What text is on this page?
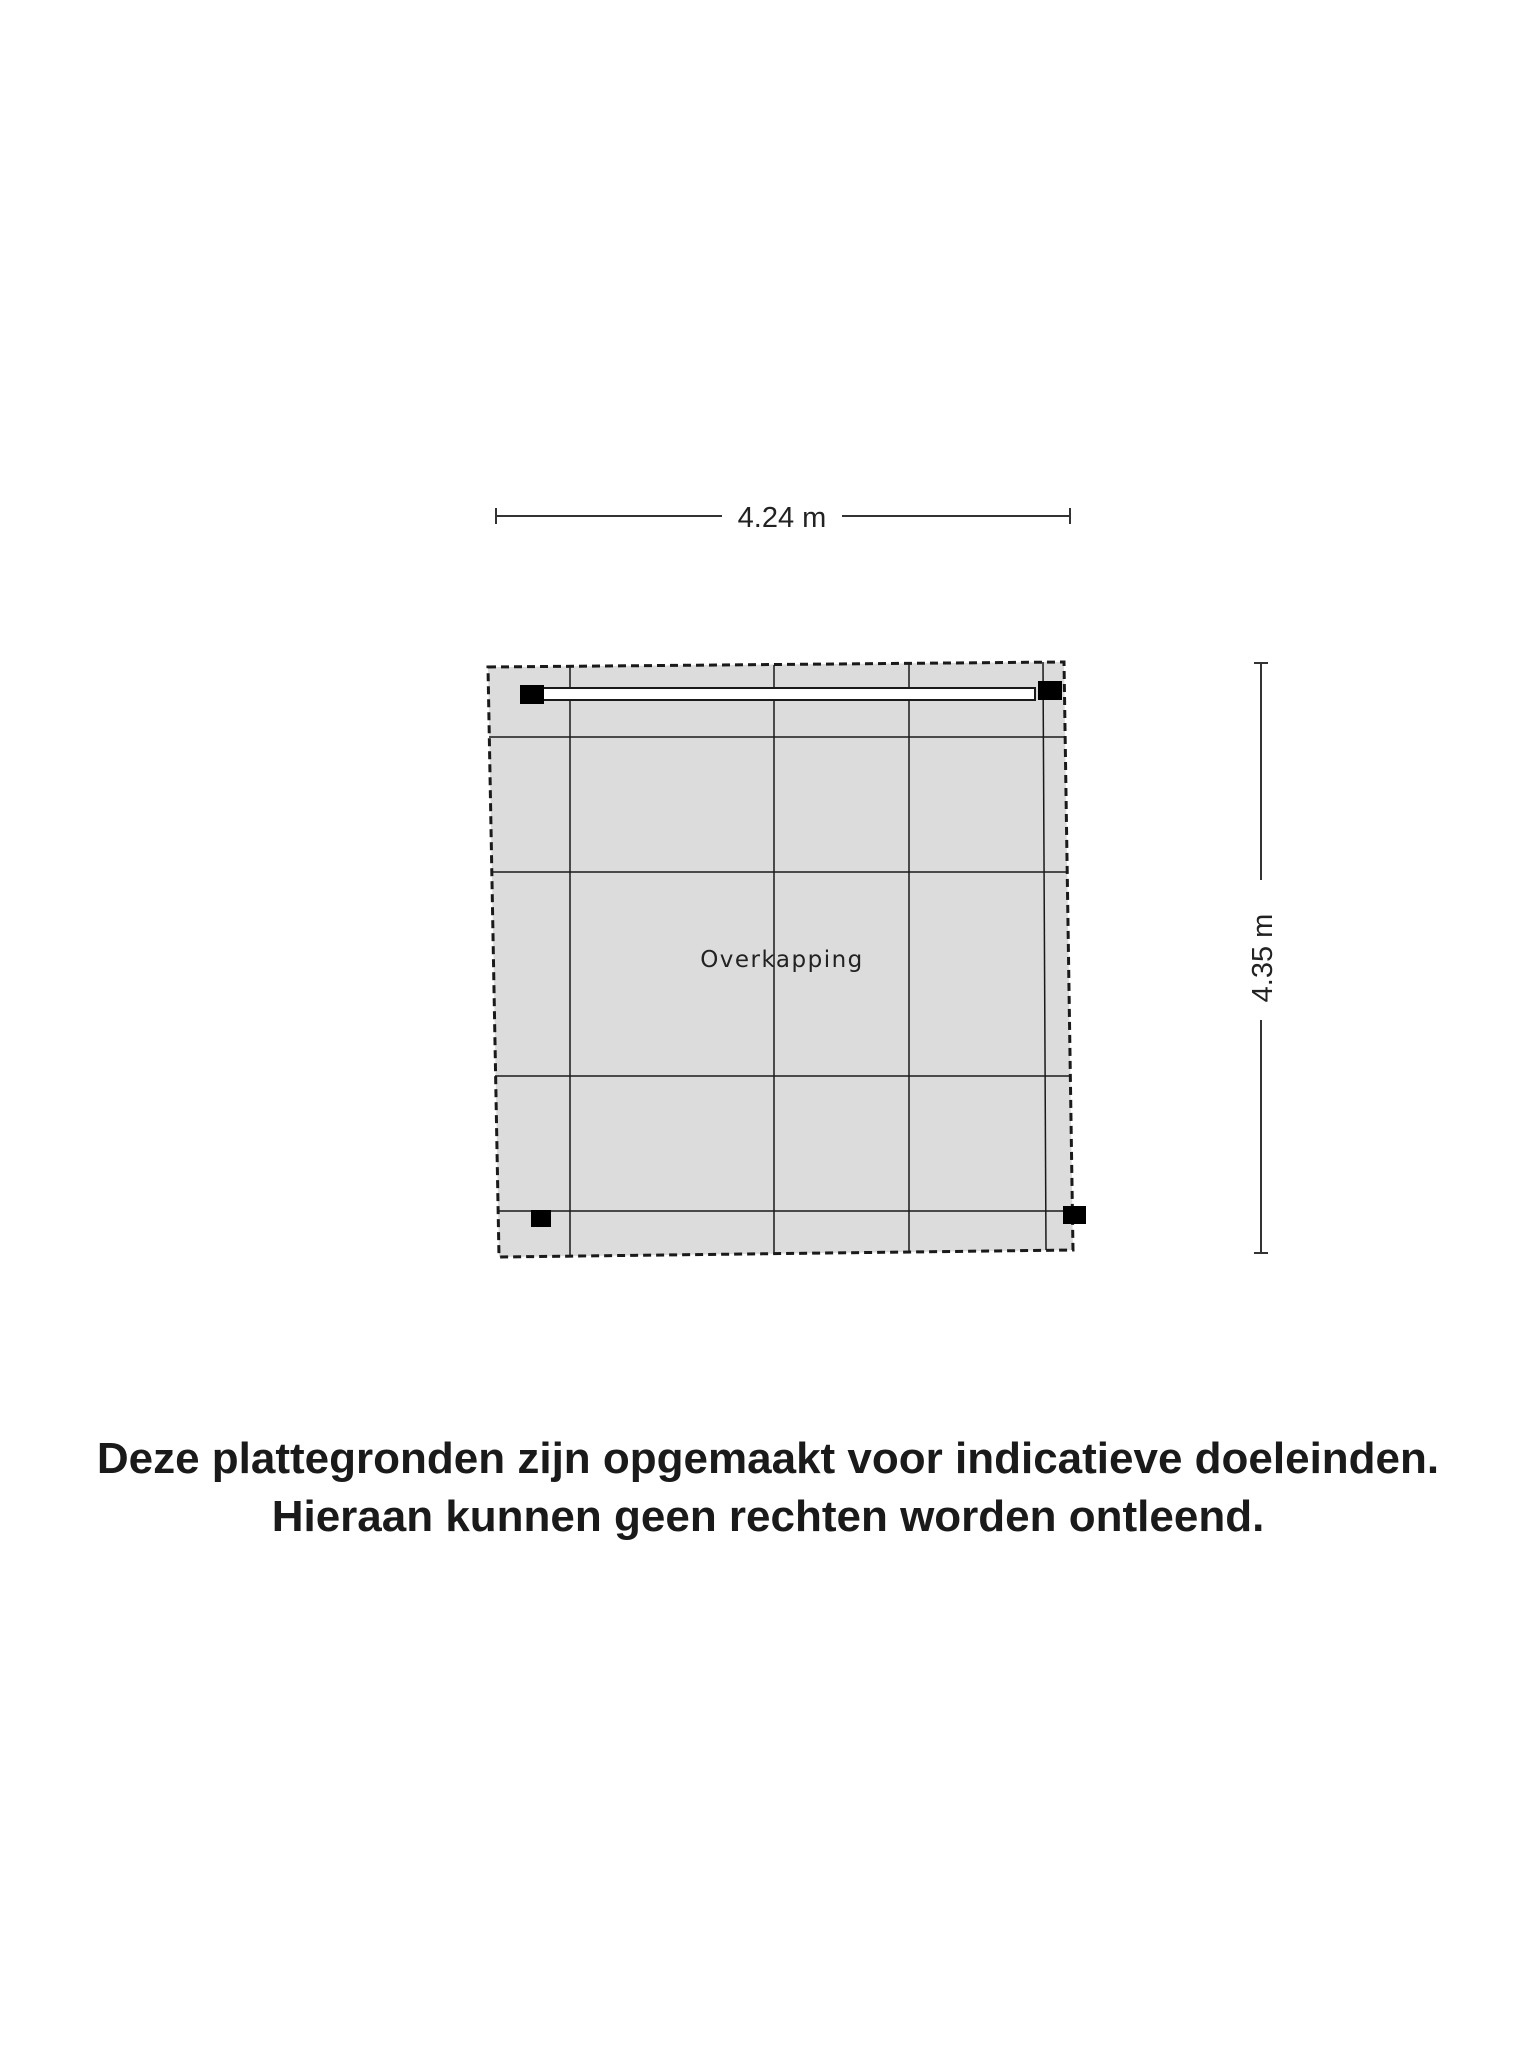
4.24 m
4.35 m
Overkapping
Deze plattegronden zijn opgemaakt voor indicatieve doeleinden.
Hieraan kunnen geen rechten worden ontleend.
